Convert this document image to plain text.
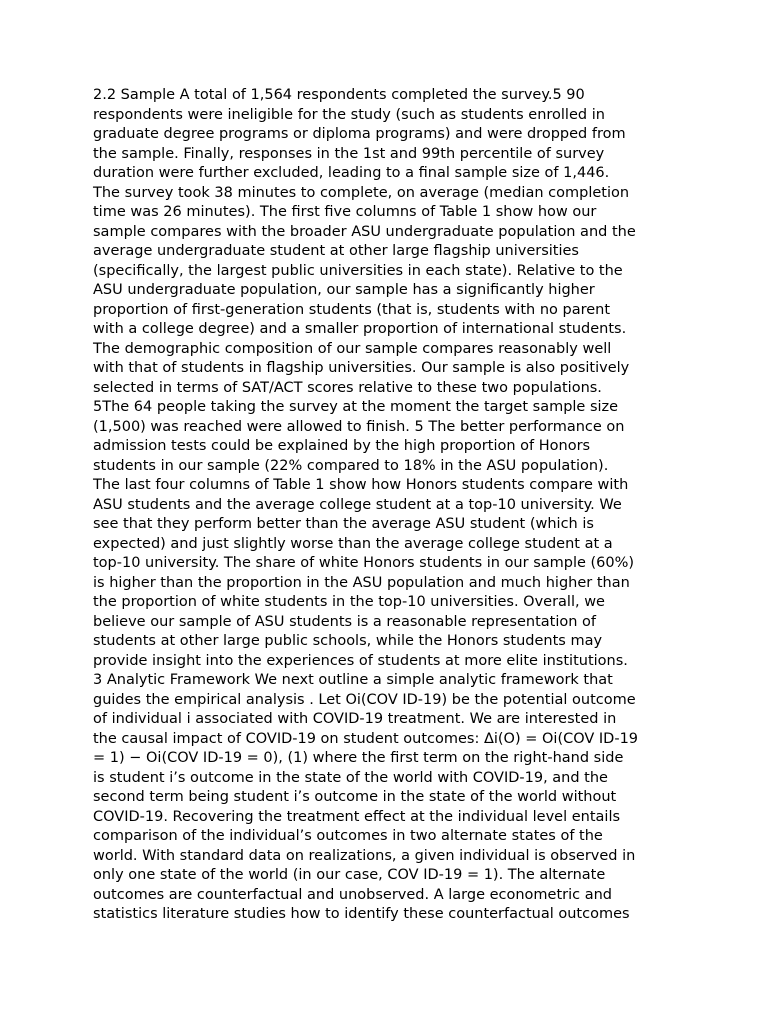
2.2 Sample A total of 1,564 respondents completed the survey.5 90
respondents were ineligible for the study (such as students enrolled in
graduate degree programs or diploma programs) and were dropped from
the sample. Finally, responses in the 1st and 99th percentile of survey
duration were further excluded, leading to a final sample size of 1,446.
The survey took 38 minutes to complete, on average (median completion
time was 26 minutes). The first five columns of Table 1 show how our
sample compares with the broader ASU undergraduate population and the
average undergraduate student at other large flagship universities
(specifically, the largest public universities in each state). Relative to the
ASU undergraduate population, our sample has a significantly higher
proportion of first-generation students (that is, students with no parent
with a college degree) and a smaller proportion of international students.
The demographic composition of our sample compares reasonably well
with that of students in flagship universities. Our sample is also positively
selected in terms of SAT/ACT scores relative to these two populations.
5The 64 people taking the survey at the moment the target sample size
(1,500) was reached were allowed to finish. 5 The better performance on
admission tests could be explained by the high proportion of Honors
students in our sample (22% compared to 18% in the ASU population).
The last four columns of Table 1 show how Honors students compare with
ASU students and the average college student at a top-10 university. We
see that they perform better than the average ASU student (which is
expected) and just slightly worse than the average college student at a
top-10 university. The share of white Honors students in our sample (60%)
is higher than the proportion in the ASU population and much higher than
the proportion of white students in the top-10 universities. Overall, we
believe our sample of ASU students is a reasonable representation of
students at other large public schools, while the Honors students may
provide insight into the experiences of students at more elite institutions.
3 Analytic Framework We next outline a simple analytic framework that
guides the empirical analysis . Let Oi(COV ID-19) be the potential outcome
of individual i associated with COVID-19 treatment. We are interested in
the causal impact of COVID-19 on student outcomes: Δi(O) = Oi(COV ID-19
= 1) − Oi(COV ID-19 = 0), (1) where the first term on the right-hand side
is student i’s outcome in the state of the world with COVID-19, and the
second term being student i’s outcome in the state of the world without
COVID-19. Recovering the treatment effect at the individual level entails
comparison of the individual’s outcomes in two alternate states of the
world. With standard data on realizations, a given individual is observed in
only one state of the world (in our case, COV ID-19 = 1). The alternate
outcomes are counterfactual and unobserved. A large econometric and
statistics literature studies how to identify these counterfactual outcomes
